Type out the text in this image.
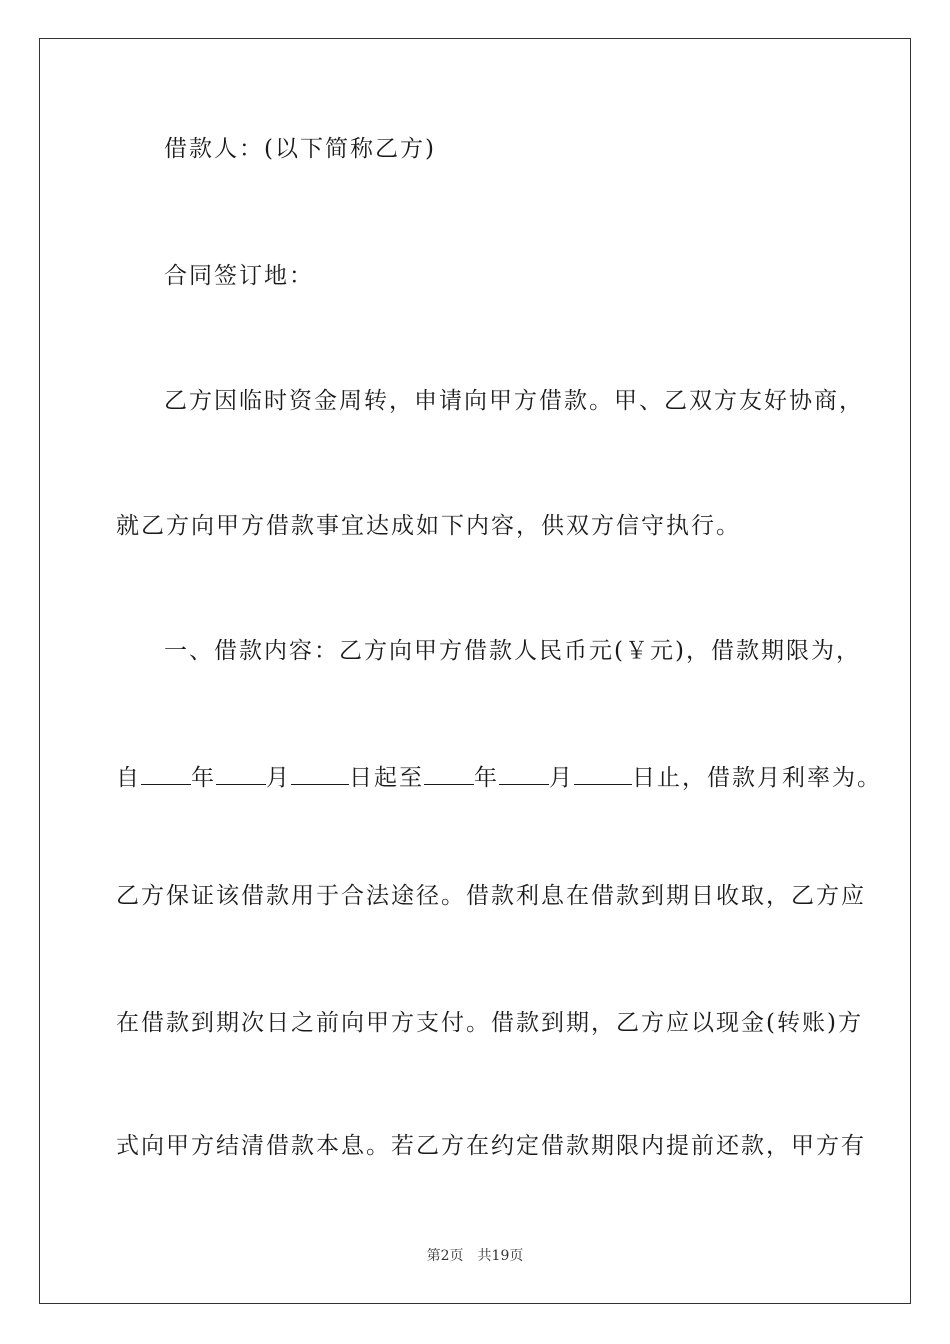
借款人：(以下简称乙方)
合同签订地：
乙方因临时资金周转，申请向甲方借款。甲、乙双方友好协商，
就乙方向甲方借款事宜达成如下内容，供双方信守执行。
一、借款内容：乙方向甲方借款人民币元(￥元)，借款期限为，
自 年 月	日起至 年 月	日止，借款月利率为。
乙方保证该借款用于合法途径。借款利息在借款到期日收取，乙方应
在借款到期次日之前向甲方支付。借款到期，乙方应以现金(转账)方
式向甲方结清借款本息。若乙方在约定借款期限内提前还款，甲方有
第2页 共19页
